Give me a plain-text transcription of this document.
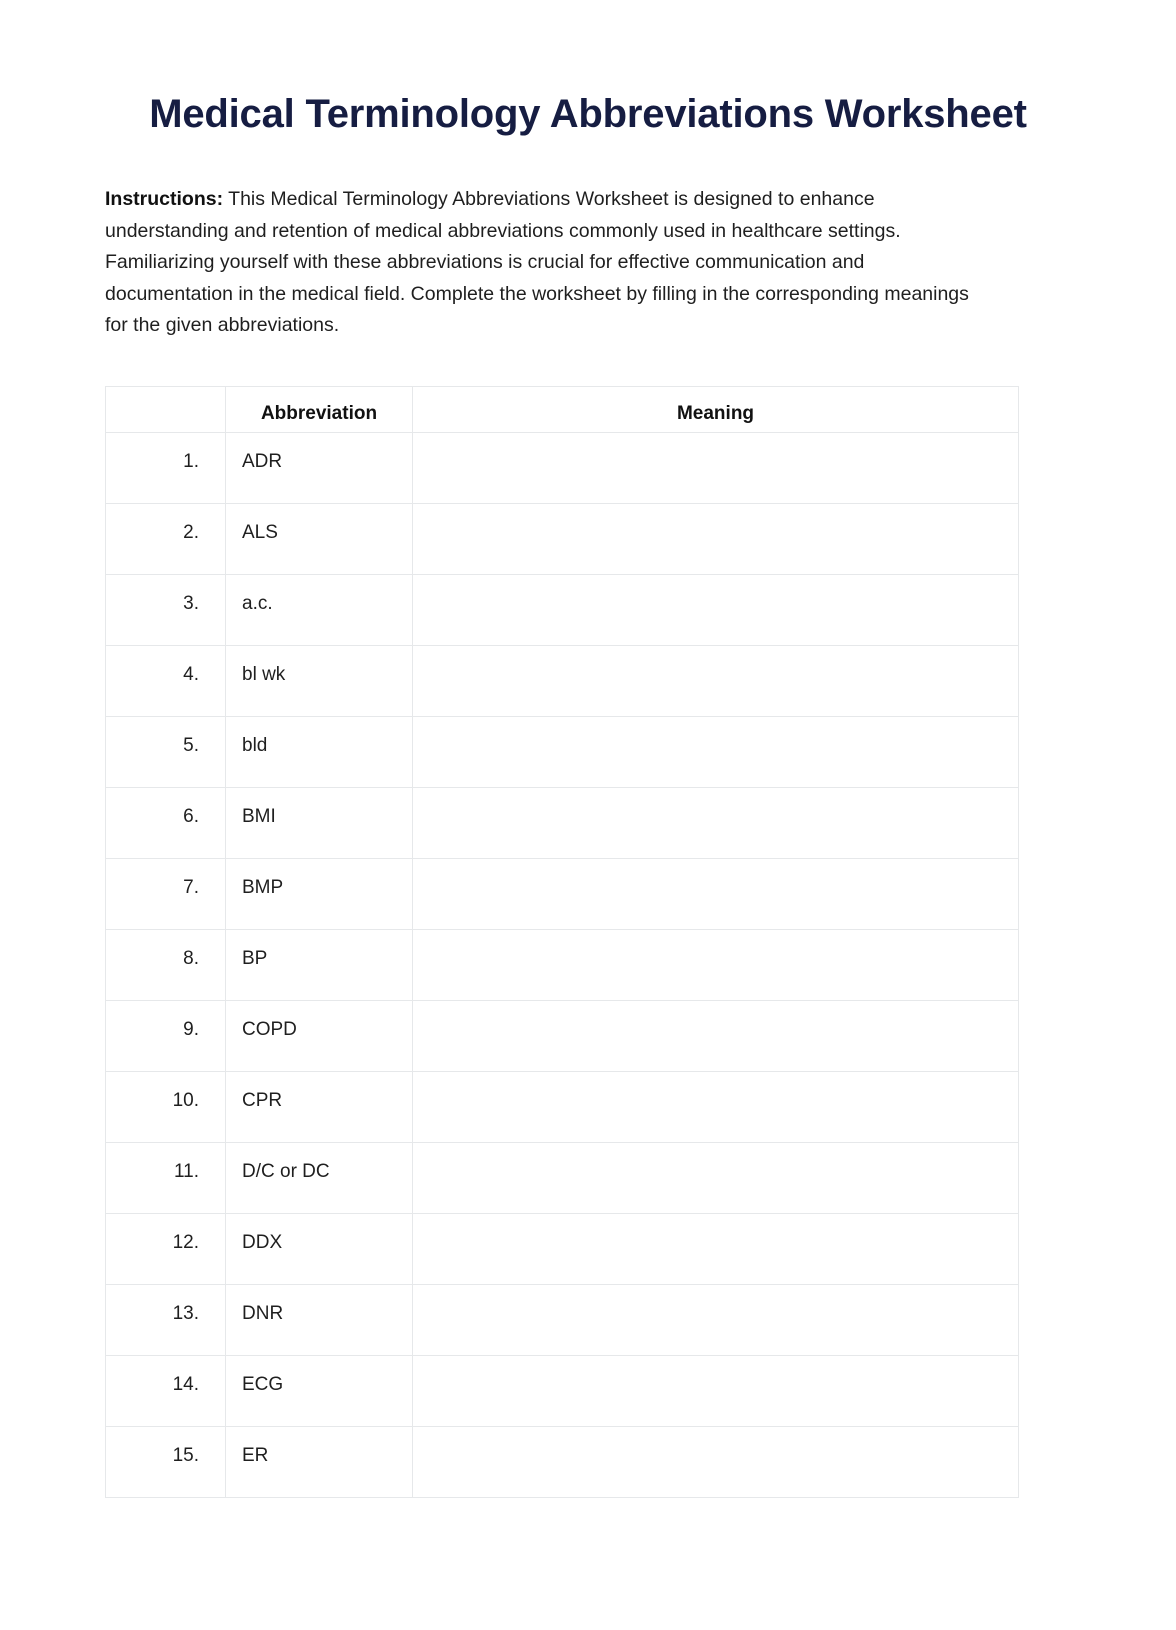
Medical Terminology Abbreviations Worksheet

Instructions: This Medical Terminology Abbreviations Worksheet is designed to enhance understanding and retention of medical abbreviations commonly used in healthcare settings. Familiarizing yourself with these abbreviations is crucial for effective communication and documentation in the medical field. Complete the worksheet by filling in the corresponding meanings for the given abbreviations.

	Abbreviation	Meaning
1.	ADR	
2.	ALS	
3.	a.c.	
4.	bl wk	
5.	bld	
6.	BMI	
7.	BMP	
8.	BP	
9.	COPD	
10.	CPR	
11.	D/C or DC	
12.	DDX	
13.	DNR	
14.	ECG	
15.	ER	
